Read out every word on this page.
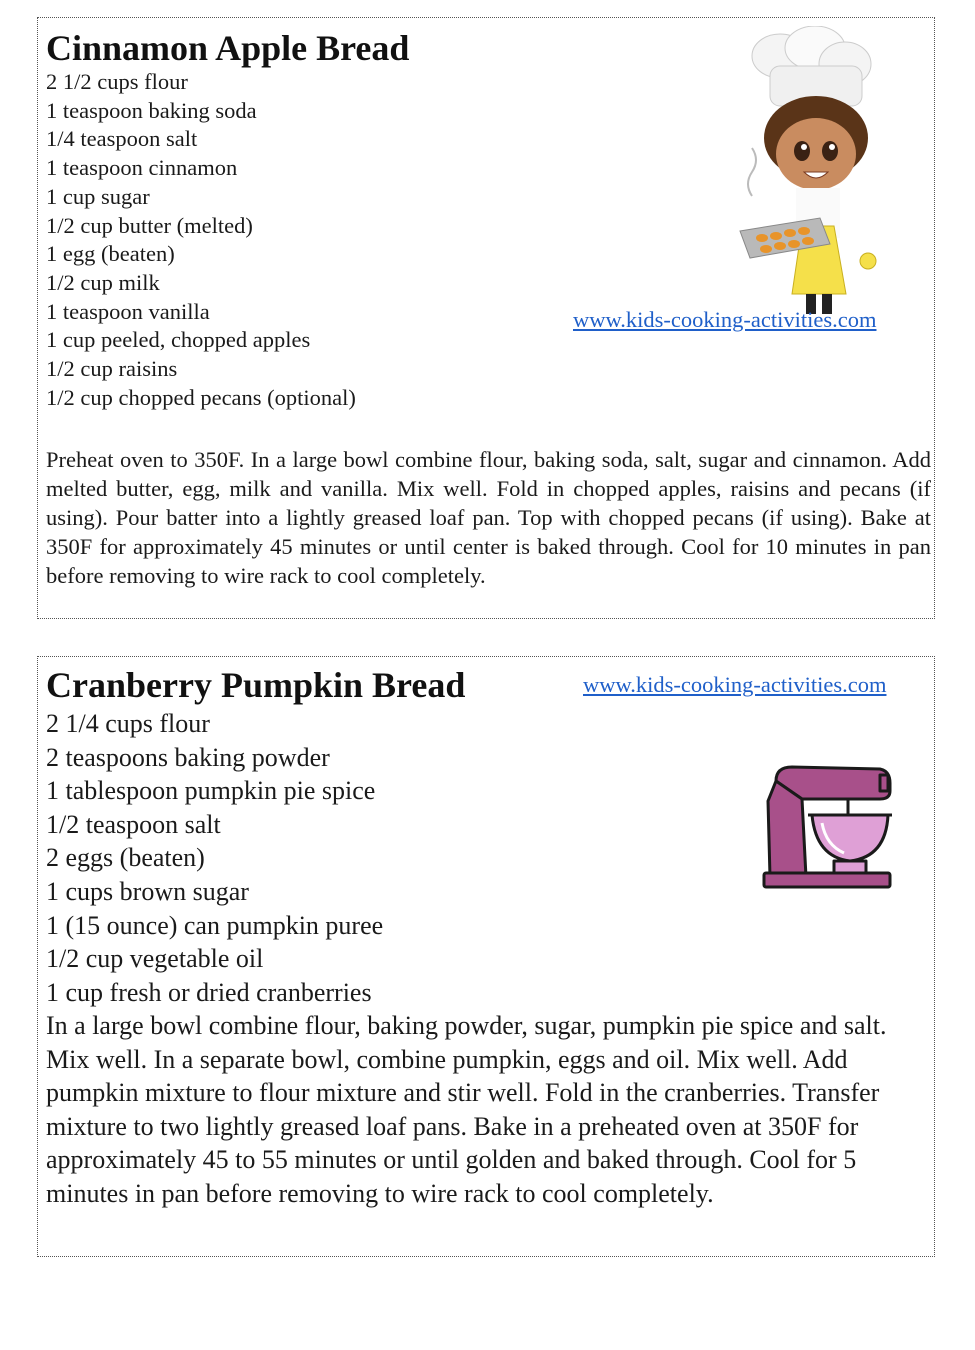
Cinnamon Apple Bread
2 1/2 cups flour
1 teaspoon baking soda
1/4 teaspoon salt
1 teaspoon cinnamon
1 cup sugar
1/2 cup butter (melted)
1 egg (beaten)
1/2 cup milk
1 teaspoon vanilla
1 cup peeled, chopped apples
1/2 cup raisins
1/2 cup chopped pecans (optional)
www.kids-cooking-activities.com

Preheat oven to 350F. In a large bowl combine flour, baking soda, salt, sugar and cinnamon. Add melted butter, egg, milk and vanilla. Mix well. Fold in chopped apples, raisins and pecans (if using). Pour batter into a lightly greased loaf pan. Top with chopped pecans (if using). Bake at 350F for approximately 45 minutes or until center is baked through. Cool for 10 minutes in pan before removing to wire rack to cool completely.

Cranberry Pumpkin Bread	www.kids-cooking-activities.com
2 1/4 cups flour
2 teaspoons baking powder
1 tablespoon pumpkin pie spice
1/2 teaspoon salt
2 eggs (beaten)
1 cups brown sugar
1 (15 ounce) can pumpkin puree
1/2 cup vegetable oil
1 cup fresh or dried cranberries

In a large bowl combine flour, baking powder, sugar, pumpkin pie spice and salt. Mix well. In a separate bowl, combine pumpkin, eggs and oil. Mix well. Add pumpkin mixture to flour mixture and stir well. Fold in the cranberries. Transfer mixture to two lightly greased loaf pans. Bake in a preheated oven at 350F for approximately 45 to 55 minutes or until golden and baked through. Cool for 5 minutes in pan before removing to wire rack to cool completely.
